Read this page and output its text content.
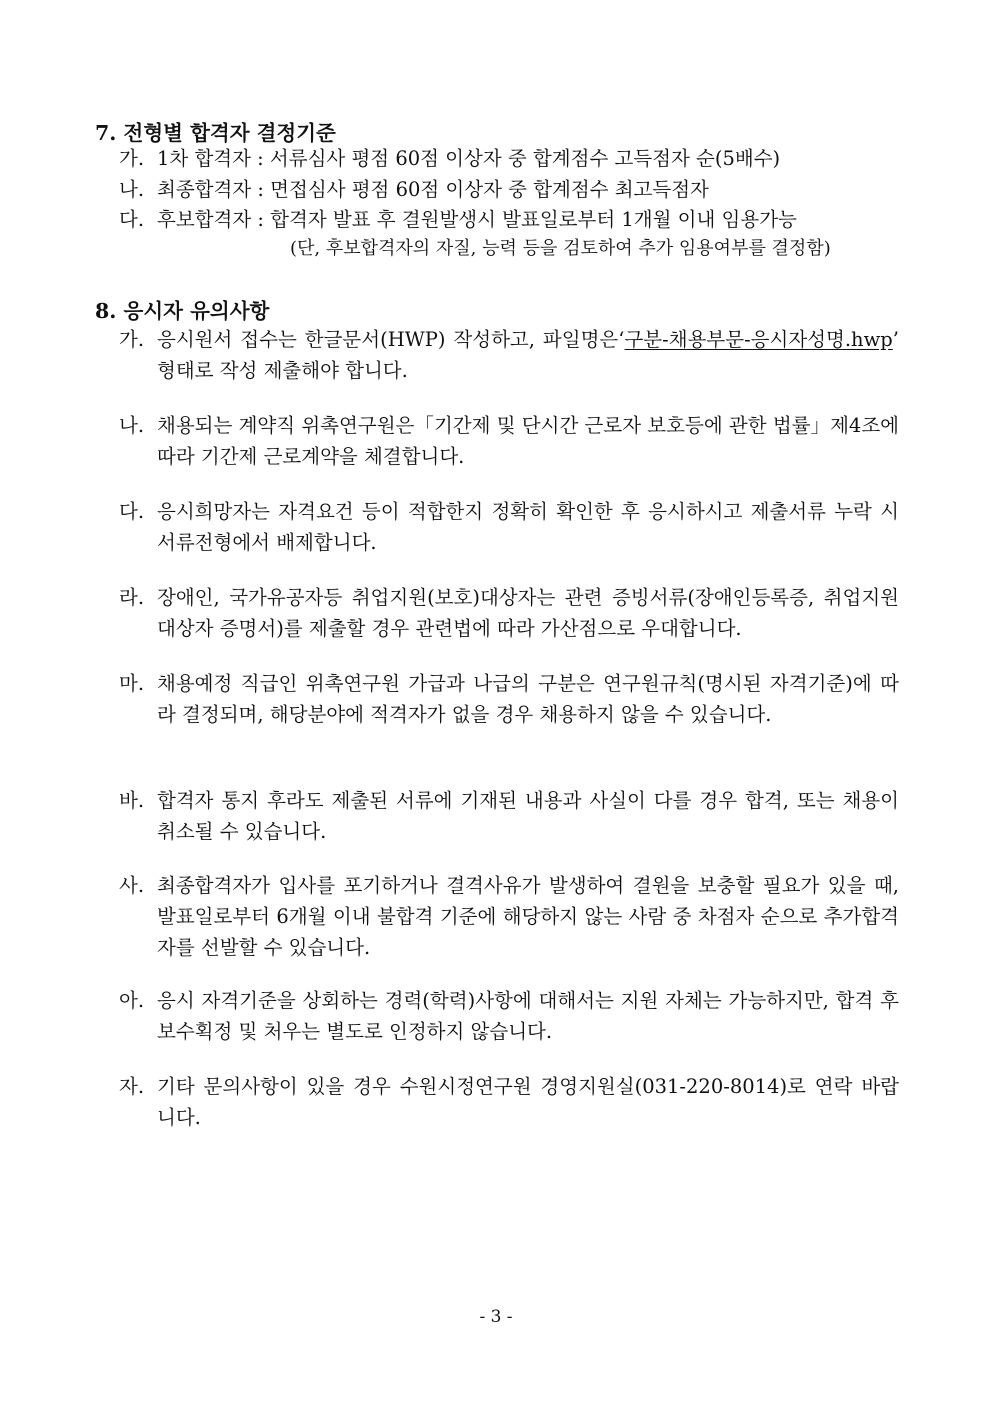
7. 전형별 합격자 결정기준
가. 1차 합격자 : 서류심사 평점 60점 이상자 중 합계점수 고득점자 순(5배수)
나. 최종합격자 : 면접심사 평점 60점 이상자 중 합계점수 최고득점자
다. 후보합격자 : 합격자 발표 후 결원발생시 발표일로부터 1개월 이내 임용가능
(단, 후보합격자의 자질, 능력 등을 검토하여 추가 임용여부를 결정함)
8. 응시자 유의사항
가. 응시원서 접수는 한글문서(HWP) 작성하고, 파일명은‘구분-채용부문-응시자성명.hwp’ 형태로 작성 제출해야 합니다.
나. 채용되는 계약직 위촉연구원은「기간제 및 단시간 근로자 보호등에 관한 법률」제4조에 따라 기간제 근로계약을 체결합니다.
다. 응시희망자는 자격요건 등이 적합한지 정확히 확인한 후 응시하시고 제출서류 누락 시 서류전형에서 배제합니다.
라. 장애인, 국가유공자등 취업지원(보호)대상자는 관련 증빙서류(장애인등록증, 취업지원대상자 증명서)를 제출할 경우 관련법에 따라 가산점으로 우대합니다.
마. 채용예정 직급인 위촉연구원 가급과 나급의 구분은 연구원규칙(명시된 자격기준)에 따라 결정되며, 해당분야에 적격자가 없을 경우 채용하지 않을 수 있습니다.
바. 합격자 통지 후라도 제출된 서류에 기재된 내용과 사실이 다를 경우 합격, 또는 채용이 취소될 수 있습니다.
사. 최종합격자가 입사를 포기하거나 결격사유가 발생하여 결원을 보충할 필요가 있을 때, 발표일로부터 6개월 이내 불합격 기준에 해당하지 않는 사람 중 차점자 순으로 추가합격자를 선발할 수 있습니다.
아. 응시 자격기준을 상회하는 경력(학력)사항에 대해서는 지원 자체는 가능하지만, 합격 후 보수획정 및 처우는 별도로 인정하지 않습니다.
자. 기타 문의사항이 있을 경우 수원시정연구원 경영지원실(031-220-8014)로 연락 바랍니다.
- 3 -
